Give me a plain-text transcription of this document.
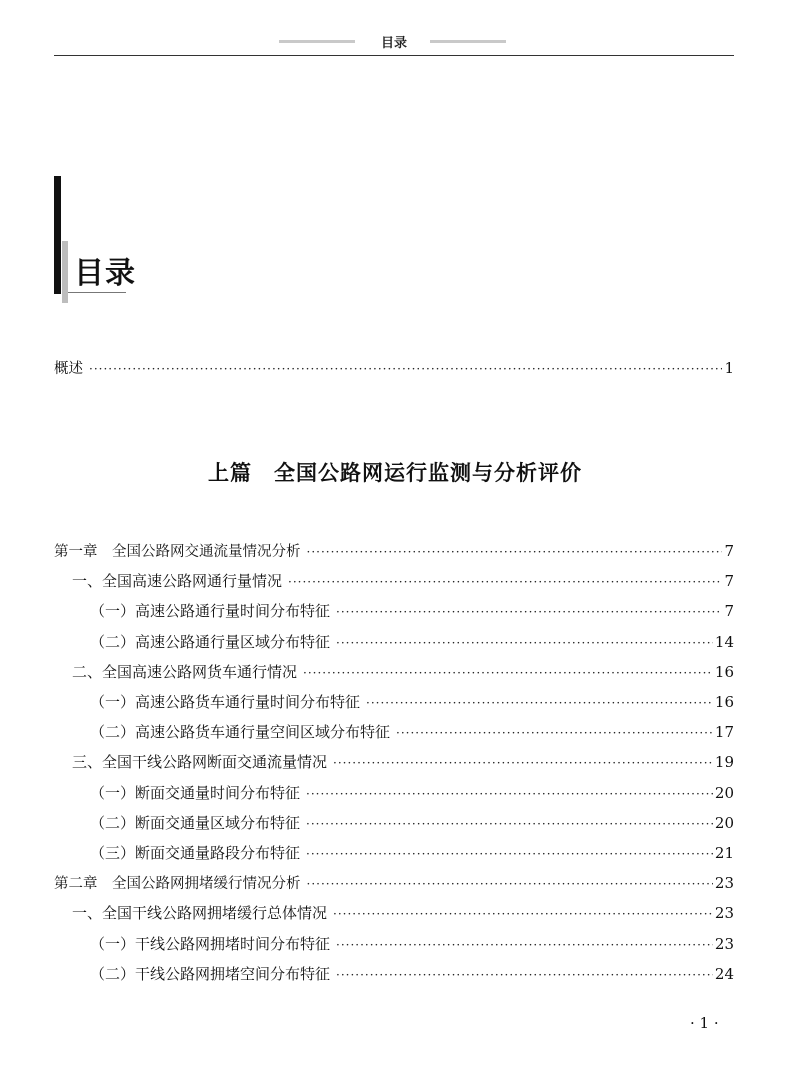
目录
目录
概述 ·····	1
上篇 全国公路网运行监测与分析评价
第一章　全国公路网交通流量情况分析 ·····	7
一、全国高速公路网通行量情况 ·····	7
（一）高速公路通行量时间分布特征 ·····	7
（二）高速公路通行量区域分布特征 ·····	14
二、全国高速公路网货车通行情况 ·····	16
（一）高速公路货车通行量时间分布特征 ·····	16
（二）高速公路货车通行量空间区域分布特征 ·····	17
三、全国干线公路网断面交通流量情况 ·····	19
（一）断面交通量时间分布特征 ·····	20
（二）断面交通量区域分布特征 ·····	20
（三）断面交通量路段分布特征 ·····	21
第二章　全国公路网拥堵缓行情况分析 ·····	23
一、全国干线公路网拥堵缓行总体情况 ·····	23
（一）干线公路网拥堵时间分布特征 ·····	23
（二）干线公路网拥堵空间分布特征 ·····	24
· 1 ·
